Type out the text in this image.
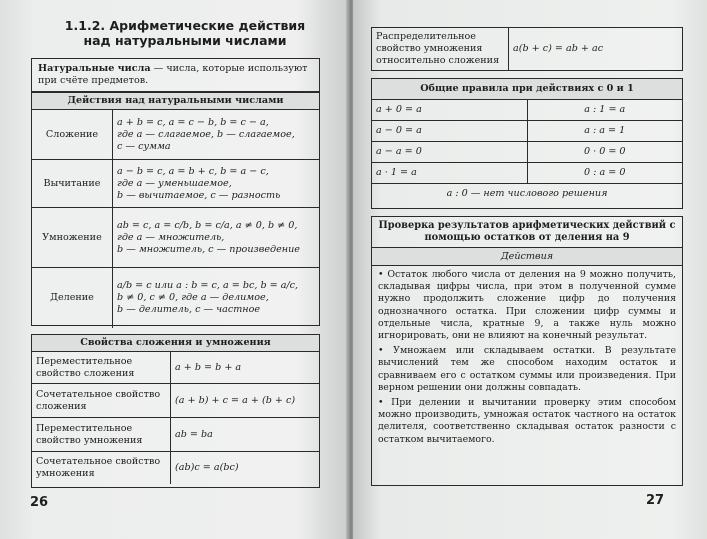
1.1.2. Арифметические действия
над натуральными числами
Натуральные числа — числа, которые используют при счёте предметов.
Действия над натуральными числами	
Сложение	a + b = c, a = c − b, b = c − a,
где a — слагаемое, b — слагаемое,
c — сумма

Вычитание	a − b = c, a = b + c, b = a − c,
где a — уменьшаемое,
b — вычитаемое, c — разность

Умножение	ab = c, a = c/b, b = c/a, a ≠ 0, b ≠ 0,
где a — множитель,
b — множитель, c — произведение

Деление	a/b = c или a : b = c, a = bc, b = a/c,
b ≠ 0, c ≠ 0, где a — делимое,
b — делитель, c — частное
Свойства сложения и умножения	
Переместительное свойство сложения	a + b = b + a
Сочетательное свойство сложения	(a + b) + c = a + (b + c)
Переместительное свойство умножения	ab = ba
Сочетательное свойство умножения	(ab)c = a(bc)
26
Распределительное свойство умножения относительно сложения	a(b + c) = ab + ac
Общие правила при действиях с 0 и 1	
a + 0 = a	a : 1 = a
a − 0 = a	a : a = 1
a − a = 0	0 · 0 = 0
a · 1 = a	0 : a = 0
a : 0 — нет числового решения	
Проверка результатов арифметических действий с помощью остатков от деления на 9
Действия
• Остаток любого числа от деления на 9 можно получить, складывая цифры числа, при этом в полученной сумме нужно продолжить сложение цифр до получения однозначного остатка. При сложении цифр суммы и отдельные числа, кратные 9, а также нуль можно игнорировать, они не влияют на конечный результат.
• Умножаем или складываем остатки. В результате вычислений тем же способом находим остаток и сравниваем его с остатком суммы или произведения. При верном решении они должны совпадать.
• При делении и вычитании проверку этим способом можно производить, умножая остаток частного на остаток делителя, соответственно складывая остаток разности с остатком вычитаемого.
27
